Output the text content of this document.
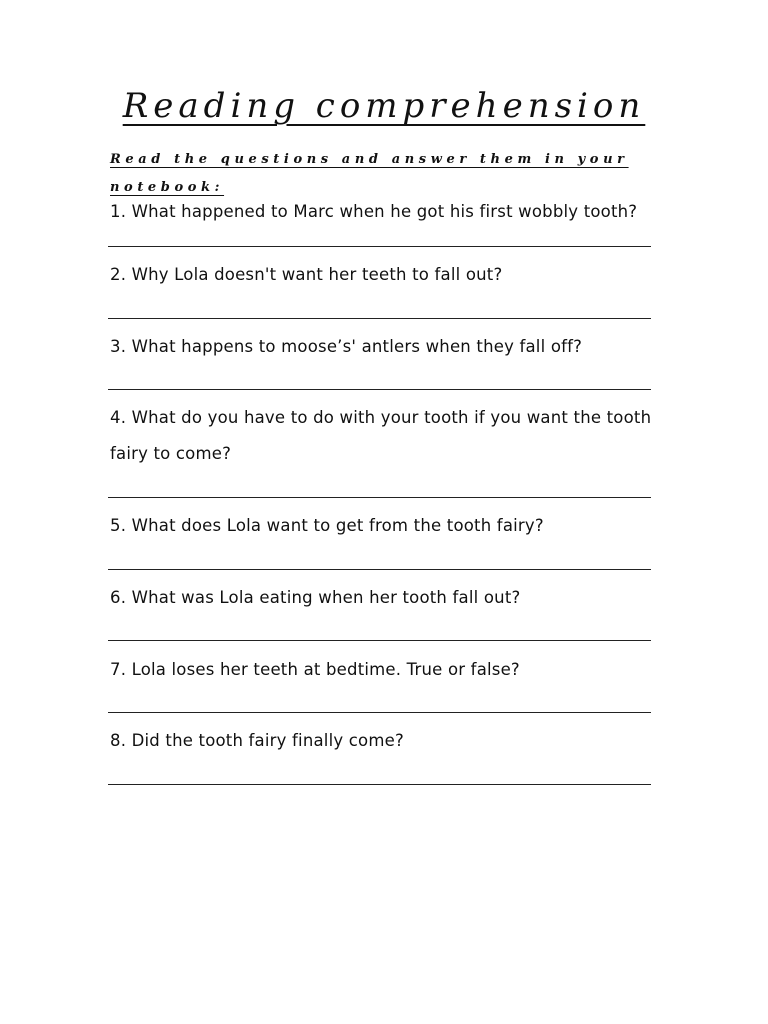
Reading comprehension
Read the questions and answer them in your notebook:
1. What happened to Marc when he got his first wobbly tooth?
2. Why Lola doesn't want her teeth to fall out?
3. What happens to moose’s' antlers when they fall off?
4. What do you have to do with your tooth if you want the tooth fairy to come?
5. What does Lola want to get from the tooth fairy?
6. What was Lola eating when her tooth fall out?
7. Lola loses her teeth at bedtime. True or false?
8. Did the tooth fairy finally come?
